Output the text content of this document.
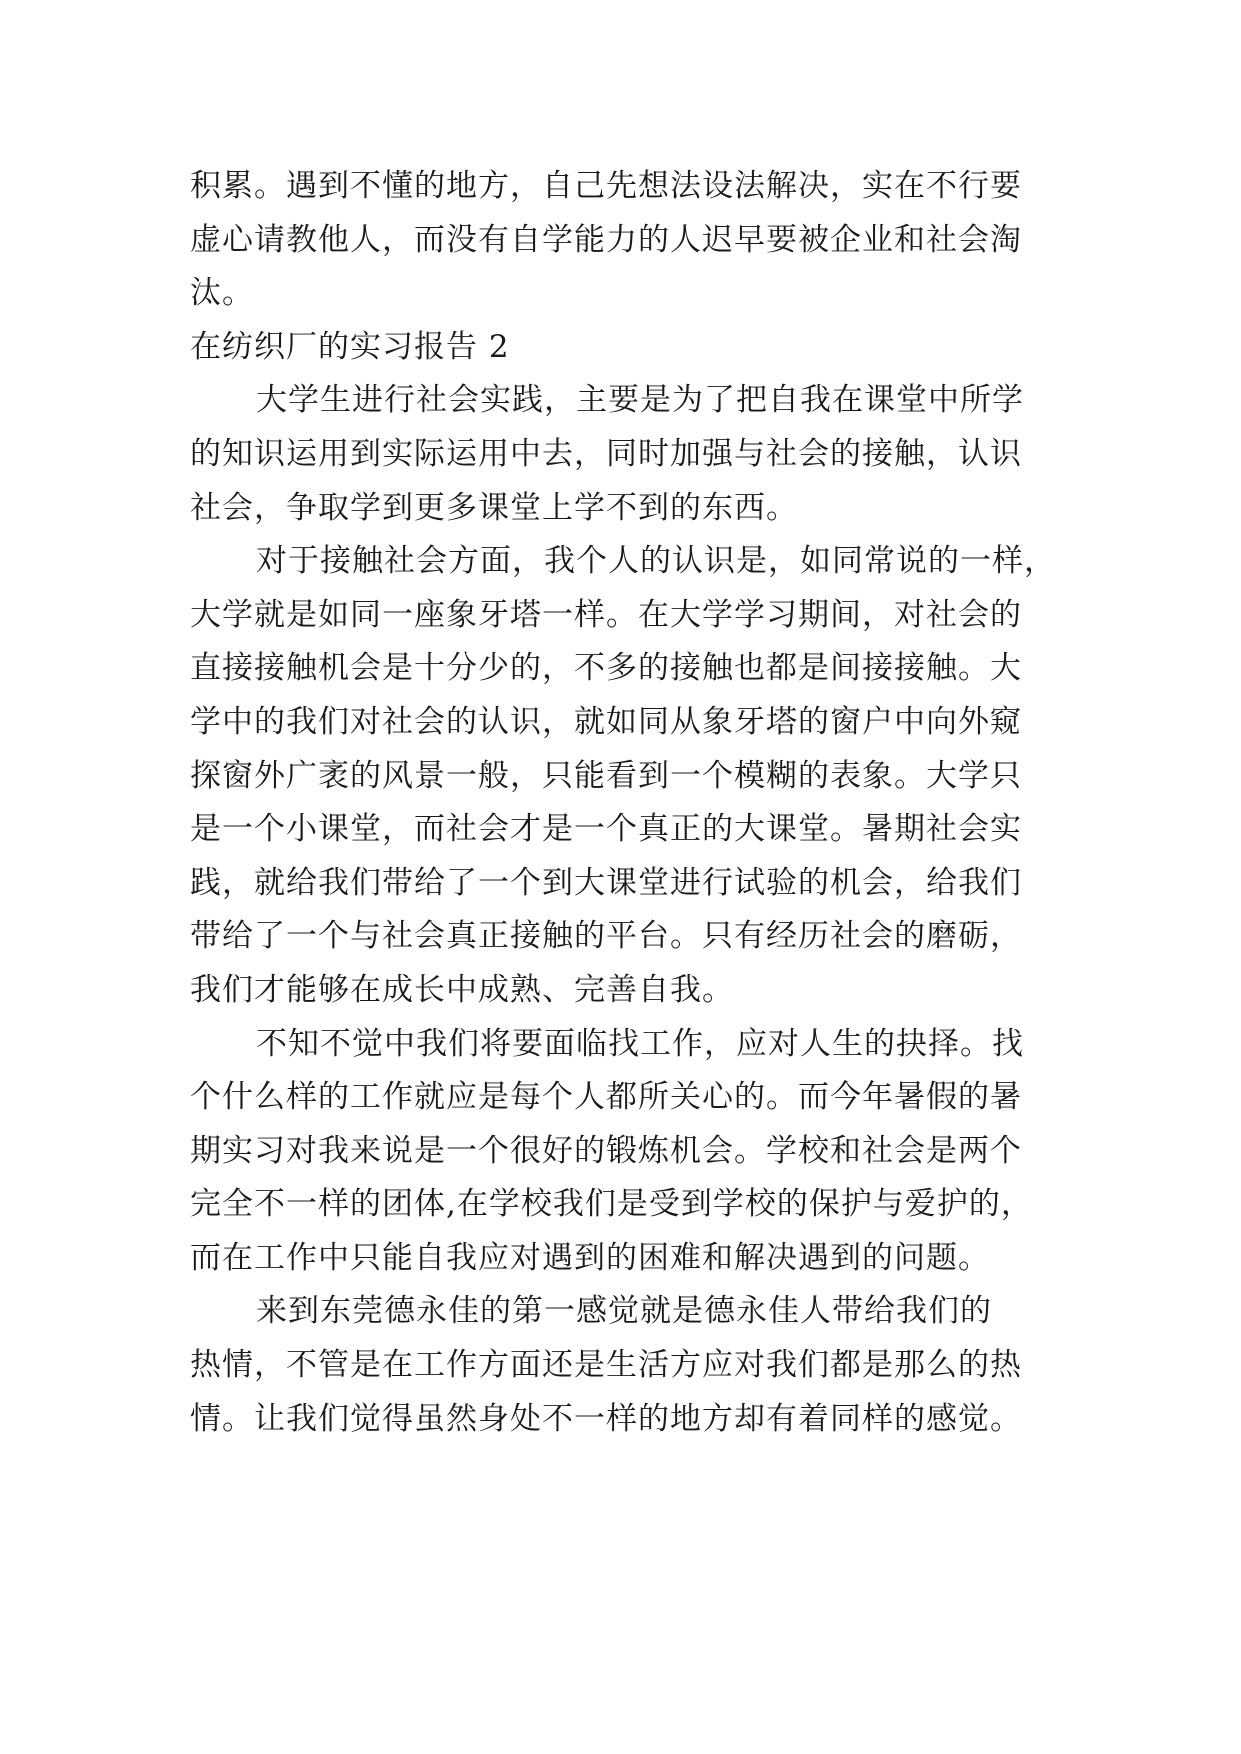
积累。遇到不懂的地方，自己先想法设法解决，实在不行要
虚心请教他人，而没有自学能力的人迟早要被企业和社会淘
汰。
在纺织厂的实习报告 2
大学生进行社会实践，主要是为了把自我在课堂中所学
的知识运用到实际运用中去，同时加强与社会的接触，认识
社会，争取学到更多课堂上学不到的东西。
对于接触社会方面，我个人的认识是，如同常说的一样，
大学就是如同一座象牙塔一样。在大学学习期间，对社会的
直接接触机会是十分少的，不多的接触也都是间接接触。大
学中的我们对社会的认识，就如同从象牙塔的窗户中向外窥
探窗外广袤的风景一般，只能看到一个模糊的表象。大学只
是一个小课堂，而社会才是一个真正的大课堂。暑期社会实
践，就给我们带给了一个到大课堂进行试验的机会，给我们
带给了一个与社会真正接触的平台。只有经历社会的磨砺，
我们才能够在成长中成熟、完善自我。
不知不觉中我们将要面临找工作，应对人生的抉择。找
个什么样的工作就应是每个人都所关心的。而今年暑假的暑
期实习对我来说是一个很好的锻炼机会。学校和社会是两个
完全不一样的团体,在学校我们是受到学校的保护与爱护的，
而在工作中只能自我应对遇到的困难和解决遇到的问题。
来到东莞德永佳的第一感觉就是德永佳人带给我们的
热情，不管是在工作方面还是生活方应对我们都是那么的热
情。让我们觉得虽然身处不一样的地方却有着同样的感觉。
